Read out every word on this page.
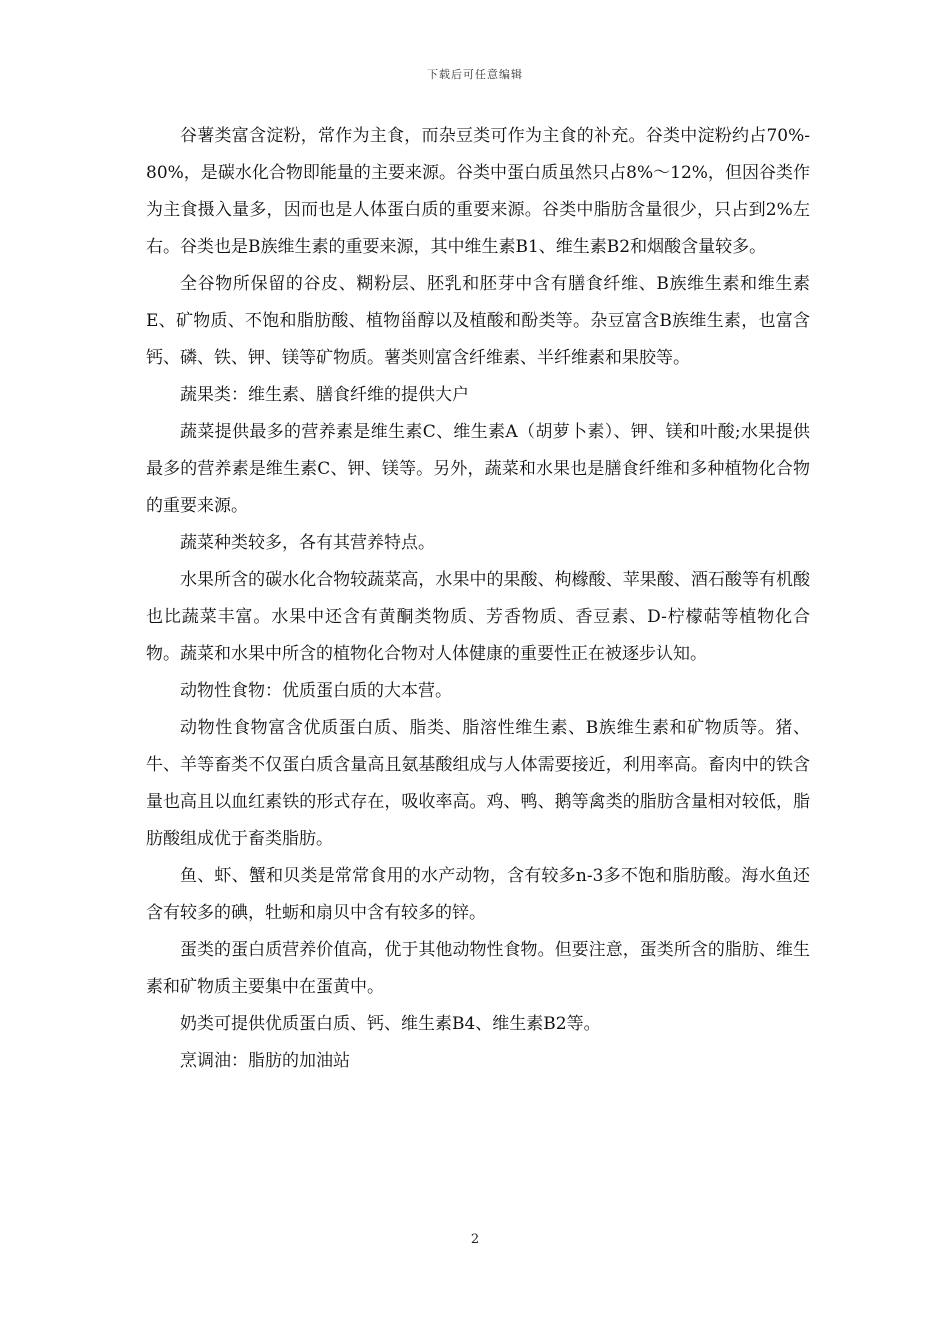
下载后可任意编辑

谷薯类富含淀粉，常作为主食，而杂豆类可作为主食的补充。谷类中淀粉约占70%-80%，是碳水化合物即能量的主要来源。谷类中蛋白质虽然只占8%～12%，但因谷类作为主食摄入量多，因而也是人体蛋白质的重要来源。谷类中脂肪含量很少，只占到2%左右。谷类也是B族维生素的重要来源，其中维生素B1、维生素B2和烟酸含量较多。

全谷物所保留的谷皮、糊粉层、胚乳和胚芽中含有膳食纤维、B族维生素和维生素E、矿物质、不饱和脂肪酸、植物甾醇以及植酸和酚类等。杂豆富含B族维生素，也富含钙、磷、铁、钾、镁等矿物质。薯类则富含纤维素、半纤维素和果胶等。

蔬果类：维生素、膳食纤维的提供大户

蔬菜提供最多的营养素是维生素C、维生素A（胡萝卜素）、钾、镁和叶酸;水果提供最多的营养素是维生素C、钾、镁等。另外，蔬菜和水果也是膳食纤维和多种植物化合物的重要来源。

蔬菜种类较多，各有其营养特点。

水果所含的碳水化合物较蔬菜高，水果中的果酸、枸橼酸、苹果酸、酒石酸等有机酸也比蔬菜丰富。水果中还含有黄酮类物质、芳香物质、香豆素、D-柠檬萜等植物化合物。蔬菜和水果中所含的植物化合物对人体健康的重要性正在被逐步认知。

动物性食物：优质蛋白质的大本营。

动物性食物富含优质蛋白质、脂类、脂溶性维生素、B族维生素和矿物质等。猪、牛、羊等畜类不仅蛋白质含量高且氨基酸组成与人体需要接近，利用率高。畜肉中的铁含量也高且以血红素铁的形式存在，吸收率高。鸡、鸭、鹅等禽类的脂肪含量相对较低，脂肪酸组成优于畜类脂肪。

鱼、虾、蟹和贝类是常常食用的水产动物，含有较多n-3多不饱和脂肪酸。海水鱼还含有较多的碘，牡蛎和扇贝中含有较多的锌。

蛋类的蛋白质营养价值高，优于其他动物性食物。但要注意，蛋类所含的脂肪、维生素和矿物质主要集中在蛋黄中。

奶类可提供优质蛋白质、钙、维生素B4、维生素B2等。

烹调油：脂肪的加油站

2
